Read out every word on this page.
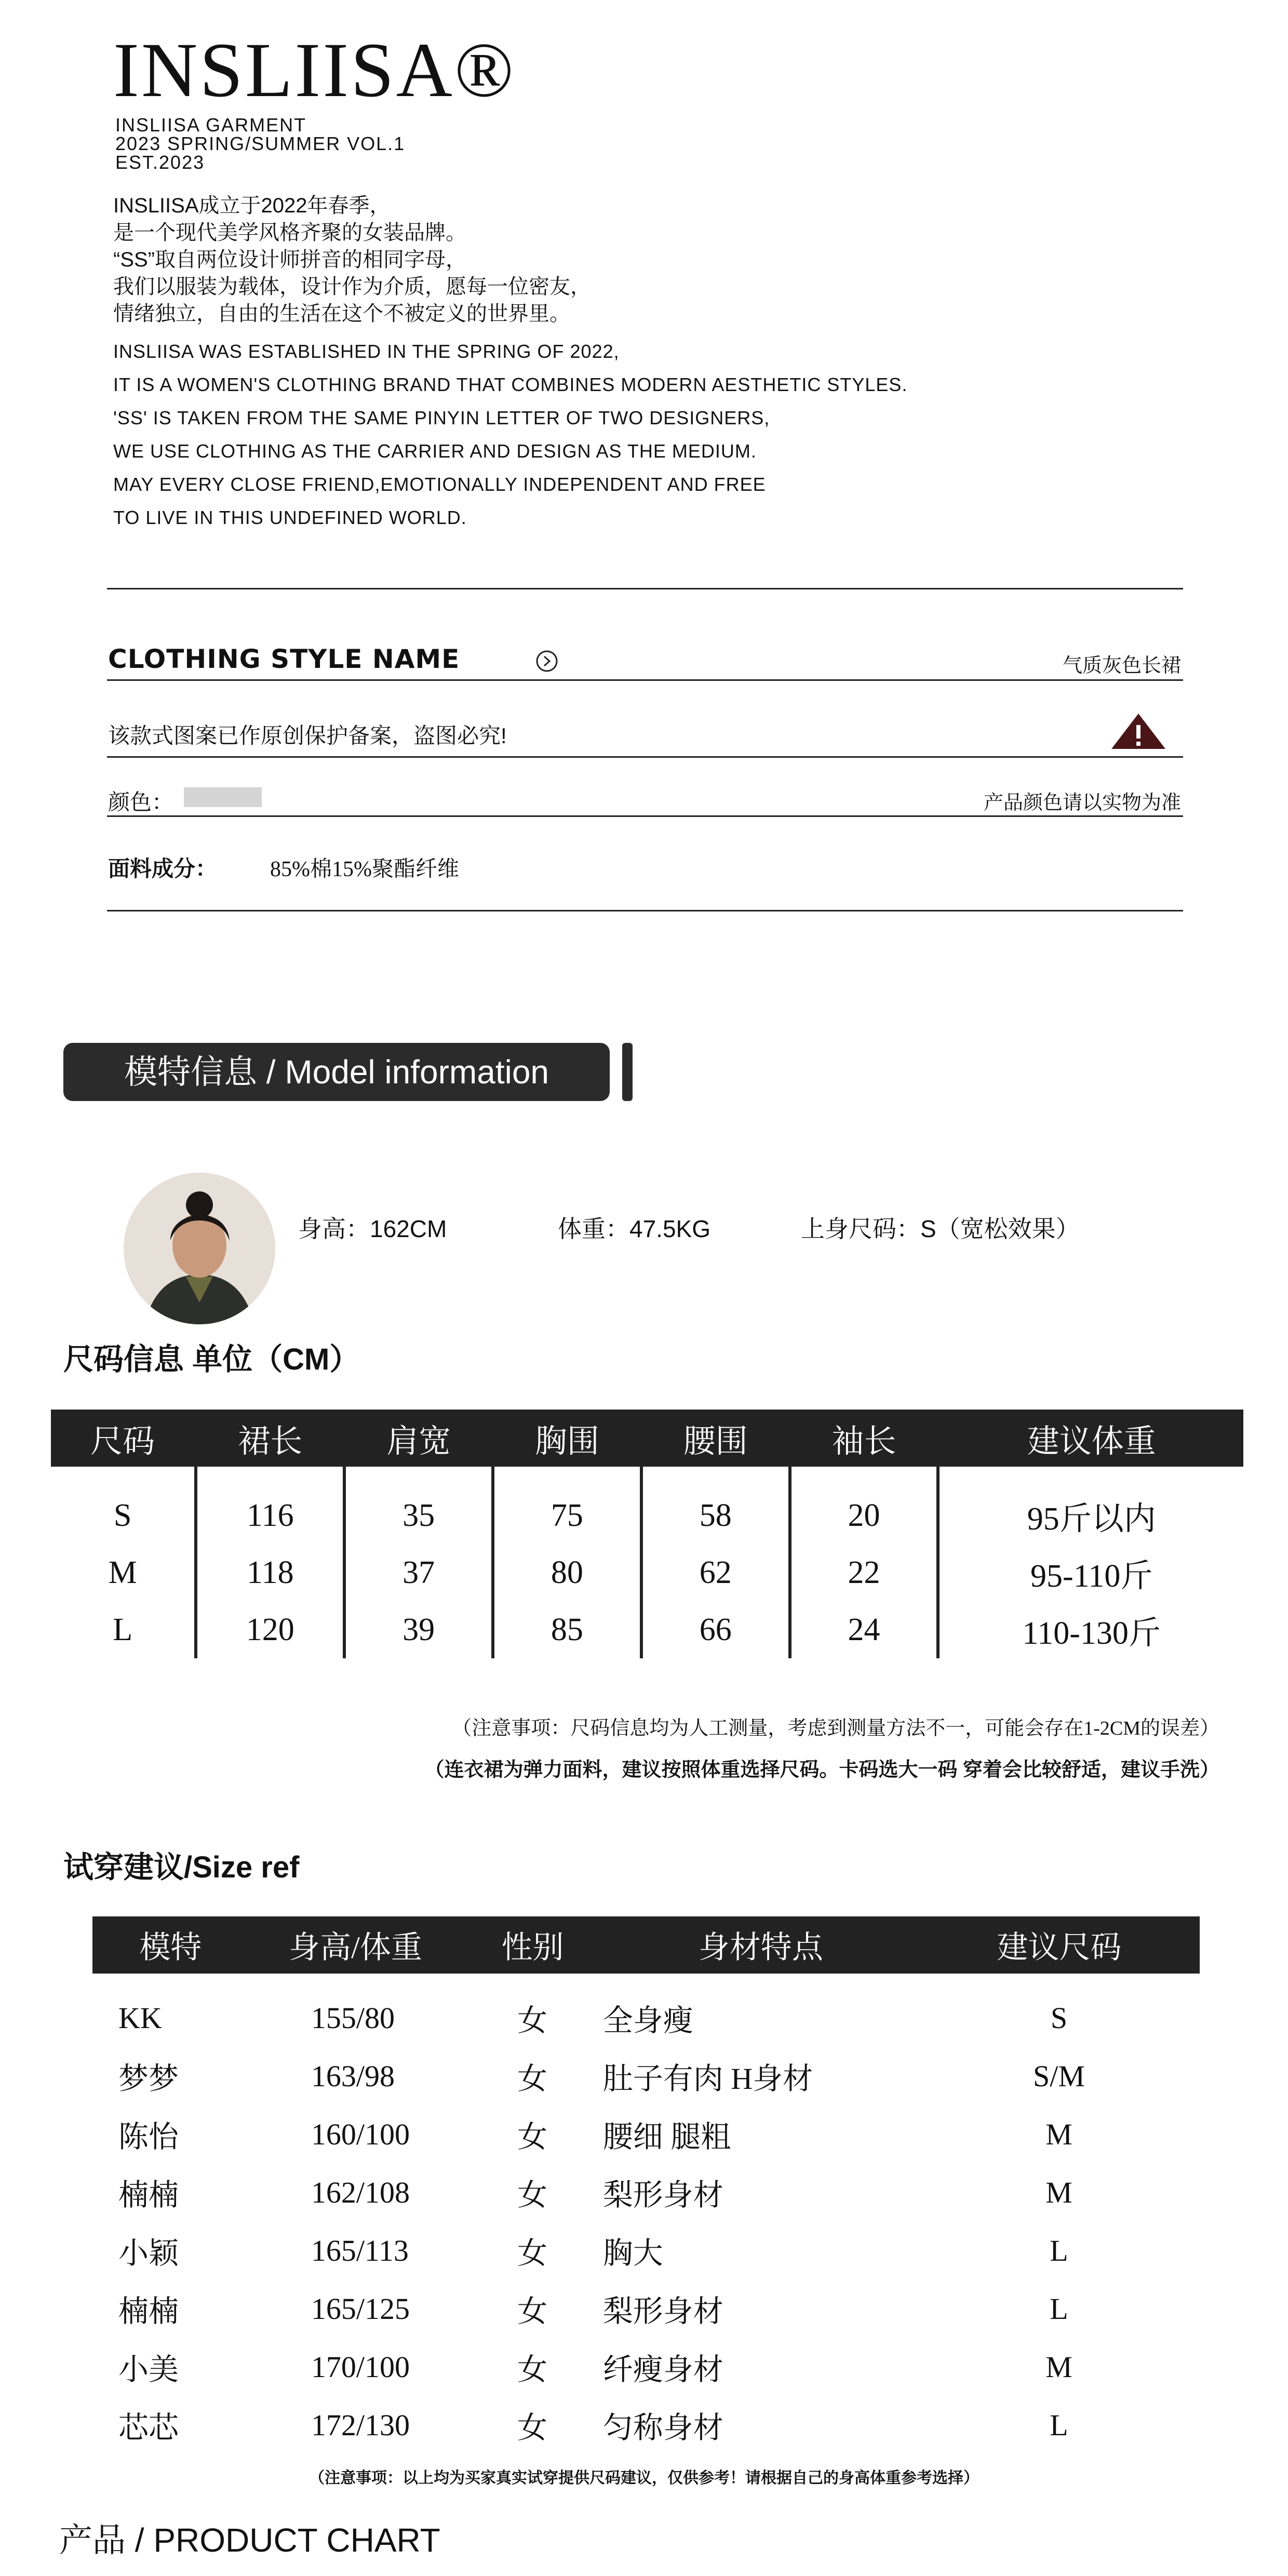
INSLIISA®
INSLIISA GARMENT
2023 SPRING/SUMMER VOL.1
EST.2023
INSLIISA成立于2022年春季，
是一个现代美学风格齐聚的女装品牌。
“SS”取自两位设计师拼音的相同字母，
我们以服装为载体，设计作为介质，愿每一位密友，
情绪独立，自由的生活在这个不被定义的世界里。
INSLIISA WAS ESTABLISHED IN THE SPRING OF 2022,
IT IS A WOMEN'S CLOTHING BRAND THAT COMBINES MODERN AESTHETIC STYLES.
'SS' IS TAKEN FROM THE SAME PINYIN LETTER OF TWO DESIGNERS,
WE USE CLOTHING AS THE CARRIER AND DESIGN AS THE MEDIUM.
MAY EVERY CLOSE FRIEND,EMOTIONALLY INDEPENDENT AND FREE
TO LIVE IN THIS UNDEFINED WORLD.
CLOTHING STYLE NAME	气质灰色长裙
该款式图案已作原创保护备案，盗图必究!
颜色：	产品颜色请以实物为准
面料成分： 85%棉15%聚酯纤维
模特信息 / Model information
身高：162CM	体重：47.5KG	上身尺码：S（宽松效果）
尺码信息 单位（CM）
尺码	裙长	肩宽	胸围	腰围	袖长	建议体重
S	116	35	75	58	20	95斤以内
M	118	37	80	62	22	95-110斤
L	120	39	85	66	24	110-130斤
（注意事项：尺码信息均为人工测量，考虑到测量方法不一，可能会存在1-2CM的误差）
（连衣裙为弹力面料，建议按照体重选择尺码。卡码选大一码 穿着会比较舒适，建议手洗）
试穿建议/Size ref
模特	身高/体重	性别	身材特点	建议尺码
KK	155/80	女	全身瘦	S
梦梦	163/98	女	肚子有肉 H身材	S/M
陈怡	160/100	女	腰细 腿粗	M
楠楠	162/108	女	梨形身材	M
小颖	165/113	女	胸大	L
楠楠	165/125	女	梨形身材	L
小美	170/100	女	纤瘦身材	M
芯芯	172/130	女	匀称身材	L
（注意事项：以上均为买家真实试穿提供尺码建议，仅供参考！请根据自己的身高体重参考选择）
产品 / PRODUCT CHART
